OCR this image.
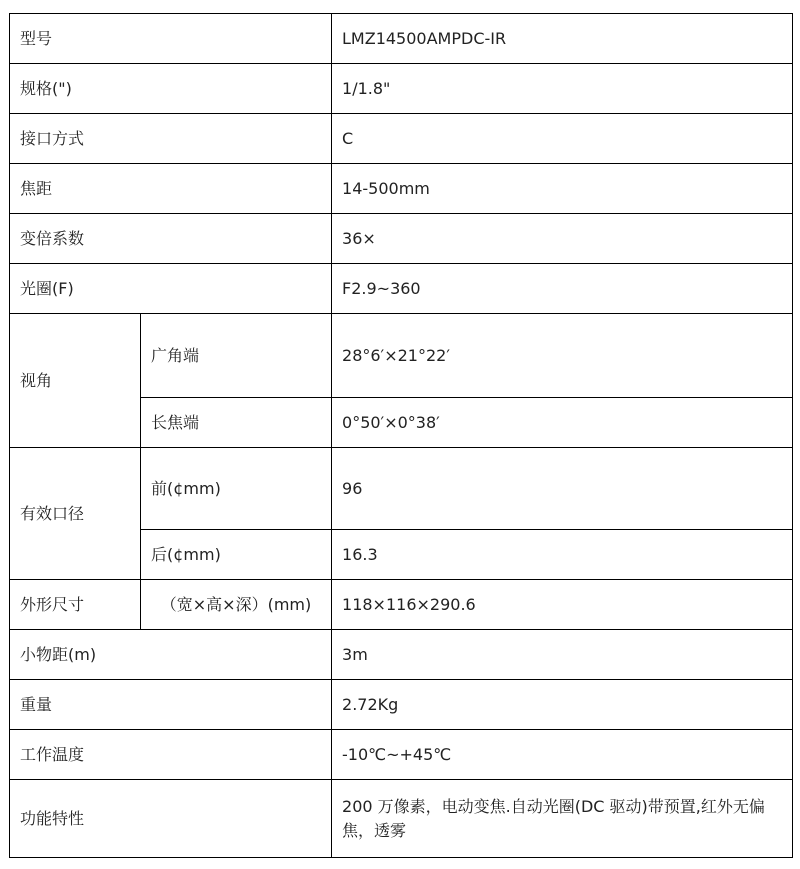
型号		LMZ14500AMPDC-IR
规格(")		1/1.8"
接口方式		C
焦距		14-500mm
变倍系数		36×
光圈(F)		F2.9~360
视角	广角端	28°6′×21°22′
	长焦端	0°50′×0°38′
有效口径	前(¢mm)	96
	后(¢mm)	16.3
外形尺寸	（宽×高×深）(mm)	118×116×290.6
小物距(m)		3m
重量		2.72Kg
工作温度		-10℃~+45℃
功能特性		200 万像素，电动变焦.自动光圈(DC 驱动)带预置,红外无偏焦，透雾
